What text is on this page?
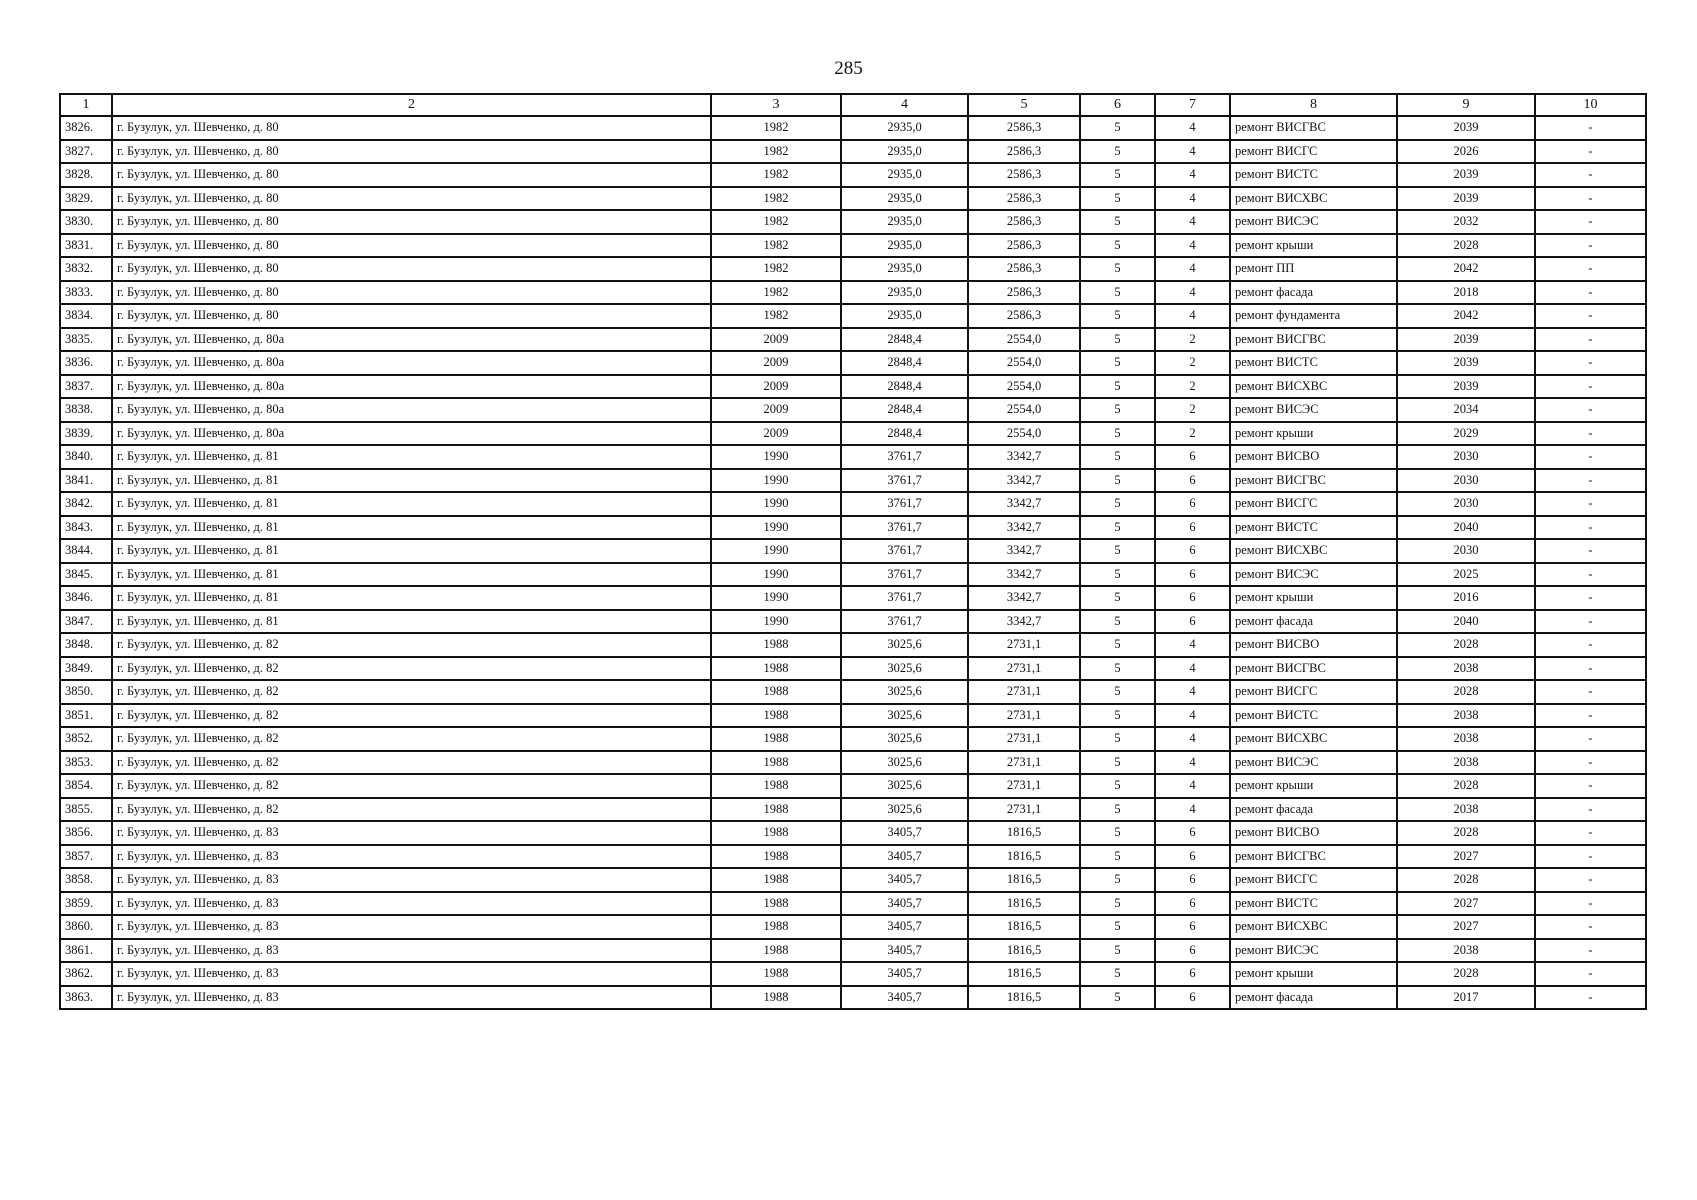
285
1	2	3	4	5	6	7	8	9	10
3826.	г. Бузулук, ул. Шевченко, д. 80	1982	2935,0	2586,3	5	4	ремонт ВИСГВС	2039	-
3827.	г. Бузулук, ул. Шевченко, д. 80	1982	2935,0	2586,3	5	4	ремонт ВИСГС	2026	-
3828.	г. Бузулук, ул. Шевченко, д. 80	1982	2935,0	2586,3	5	4	ремонт ВИСТС	2039	-
3829.	г. Бузулук, ул. Шевченко, д. 80	1982	2935,0	2586,3	5	4	ремонт ВИСХВС	2039	-
3830.	г. Бузулук, ул. Шевченко, д. 80	1982	2935,0	2586,3	5	4	ремонт ВИСЭС	2032	-
3831.	г. Бузулук, ул. Шевченко, д. 80	1982	2935,0	2586,3	5	4	ремонт крыши	2028	-
3832.	г. Бузулук, ул. Шевченко, д. 80	1982	2935,0	2586,3	5	4	ремонт ПП	2042	-
3833.	г. Бузулук, ул. Шевченко, д. 80	1982	2935,0	2586,3	5	4	ремонт фасада	2018	-
3834.	г. Бузулук, ул. Шевченко, д. 80	1982	2935,0	2586,3	5	4	ремонт фундамента	2042	-
3835.	г. Бузулук, ул. Шевченко, д. 80а	2009	2848,4	2554,0	5	2	ремонт ВИСГВС	2039	-
3836.	г. Бузулук, ул. Шевченко, д. 80а	2009	2848,4	2554,0	5	2	ремонт ВИСТС	2039	-
3837.	г. Бузулук, ул. Шевченко, д. 80а	2009	2848,4	2554,0	5	2	ремонт ВИСХВС	2039	-
3838.	г. Бузулук, ул. Шевченко, д. 80а	2009	2848,4	2554,0	5	2	ремонт ВИСЭС	2034	-
3839.	г. Бузулук, ул. Шевченко, д. 80а	2009	2848,4	2554,0	5	2	ремонт крыши	2029	-
3840.	г. Бузулук, ул. Шевченко, д. 81	1990	3761,7	3342,7	5	6	ремонт ВИСВО	2030	-
3841.	г. Бузулук, ул. Шевченко, д. 81	1990	3761,7	3342,7	5	6	ремонт ВИСГВС	2030	-
3842.	г. Бузулук, ул. Шевченко, д. 81	1990	3761,7	3342,7	5	6	ремонт ВИСГС	2030	-
3843.	г. Бузулук, ул. Шевченко, д. 81	1990	3761,7	3342,7	5	6	ремонт ВИСТС	2040	-
3844.	г. Бузулук, ул. Шевченко, д. 81	1990	3761,7	3342,7	5	6	ремонт ВИСХВС	2030	-
3845.	г. Бузулук, ул. Шевченко, д. 81	1990	3761,7	3342,7	5	6	ремонт ВИСЭС	2025	-
3846.	г. Бузулук, ул. Шевченко, д. 81	1990	3761,7	3342,7	5	6	ремонт крыши	2016	-
3847.	г. Бузулук, ул. Шевченко, д. 81	1990	3761,7	3342,7	5	6	ремонт фасада	2040	-
3848.	г. Бузулук, ул. Шевченко, д. 82	1988	3025,6	2731,1	5	4	ремонт ВИСВО	2028	-
3849.	г. Бузулук, ул. Шевченко, д. 82	1988	3025,6	2731,1	5	4	ремонт ВИСГВС	2038	-
3850.	г. Бузулук, ул. Шевченко, д. 82	1988	3025,6	2731,1	5	4	ремонт ВИСГС	2028	-
3851.	г. Бузулук, ул. Шевченко, д. 82	1988	3025,6	2731,1	5	4	ремонт ВИСТС	2038	-
3852.	г. Бузулук, ул. Шевченко, д. 82	1988	3025,6	2731,1	5	4	ремонт ВИСХВС	2038	-
3853.	г. Бузулук, ул. Шевченко, д. 82	1988	3025,6	2731,1	5	4	ремонт ВИСЭС	2038	-
3854.	г. Бузулук, ул. Шевченко, д. 82	1988	3025,6	2731,1	5	4	ремонт крыши	2028	-
3855.	г. Бузулук, ул. Шевченко, д. 82	1988	3025,6	2731,1	5	4	ремонт фасада	2038	-
3856.	г. Бузулук, ул. Шевченко, д. 83	1988	3405,7	1816,5	5	6	ремонт ВИСВО	2028	-
3857.	г. Бузулук, ул. Шевченко, д. 83	1988	3405,7	1816,5	5	6	ремонт ВИСГВС	2027	-
3858.	г. Бузулук, ул. Шевченко, д. 83	1988	3405,7	1816,5	5	6	ремонт ВИСГС	2028	-
3859.	г. Бузулук, ул. Шевченко, д. 83	1988	3405,7	1816,5	5	6	ремонт ВИСТС	2027	-
3860.	г. Бузулук, ул. Шевченко, д. 83	1988	3405,7	1816,5	5	6	ремонт ВИСХВС	2027	-
3861.	г. Бузулук, ул. Шевченко, д. 83	1988	3405,7	1816,5	5	6	ремонт ВИСЭС	2038	-
3862.	г. Бузулук, ул. Шевченко, д. 83	1988	3405,7	1816,5	5	6	ремонт крыши	2028	-
3863.	г. Бузулук, ул. Шевченко, д. 83	1988	3405,7	1816,5	5	6	ремонт фасада	2017	-
